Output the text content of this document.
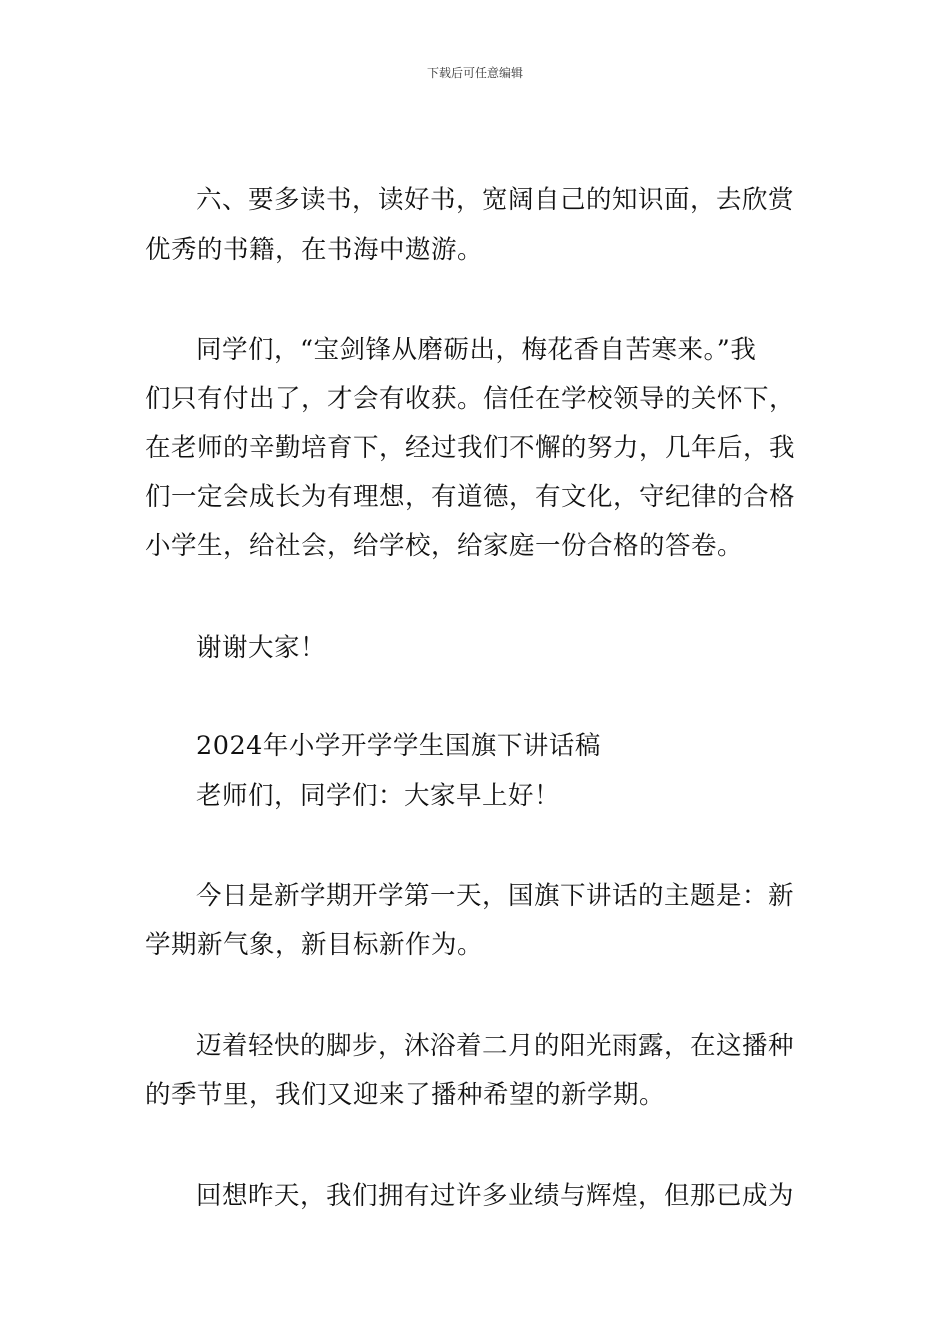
下载后可任意编辑
六、要多读书，读好书，宽阔自己的知识面，去欣赏
优秀的书籍，在书海中遨游。
同学们，“宝剑锋从磨砺出，梅花香自苦寒来。”我
们只有付出了，才会有收获。信任在学校领导的关怀下，
在老师的辛勤培育下，经过我们不懈的努力，几年后，我
们一定会成长为有理想，有道德，有文化，守纪律的合格
小学生，给社会，给学校，给家庭一份合格的答卷。
谢谢大家！
2024年小学开学学生国旗下讲话稿
老师们，同学们：大家早上好！
今日是新学期开学第一天，国旗下讲话的主题是：新
学期新气象，新目标新作为。
迈着轻快的脚步，沐浴着二月的阳光雨露，在这播种
的季节里，我们又迎来了播种希望的新学期。
回想昨天，我们拥有过许多业绩与辉煌，但那已成为
